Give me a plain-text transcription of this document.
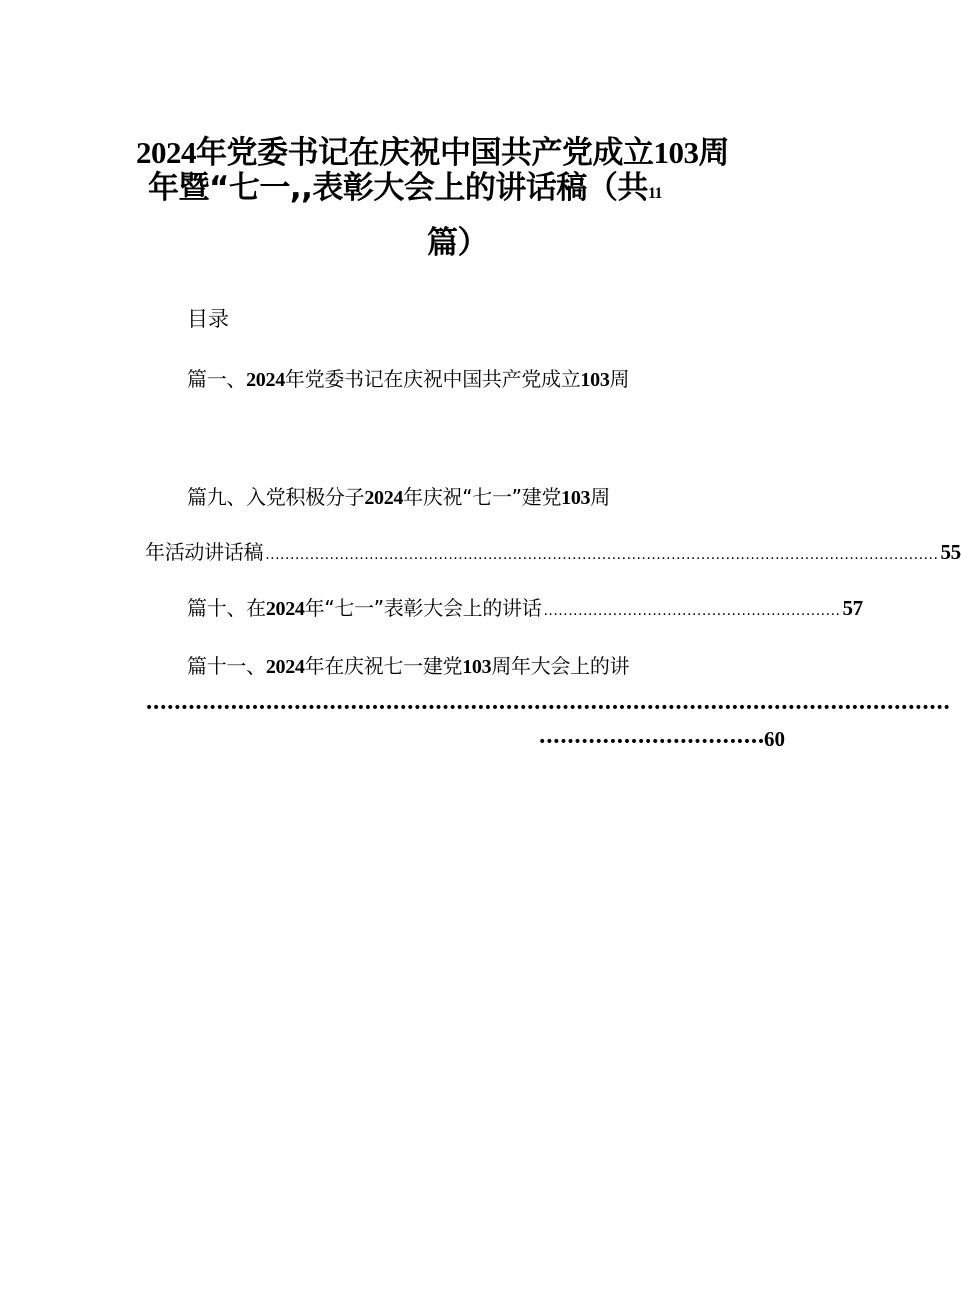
2024年党委书记在庆祝中国共产党成立103周
年暨“七一,,表彰大会上的讲话稿（共11
篇）
目录
篇一、2024年党委书记在庆祝中国共产党成立103周
篇九、入党积极分子2024年庆祝“七一”建党103周
年活动讲话稿 ........................................................................................................................................ 55
篇十、在 2024 年“七一”表彰大会上的讲话 ............................................................ 57
篇十一、2024年在庆祝七一建党103周年大会上的讲
••••••••••••••••••••••••••••••••••••••••••••••••••••••••••••••••••••••••••••••••••••••••••••••••••••••••••••••••••
•••••••••••••••••••••••••••••••• 60
